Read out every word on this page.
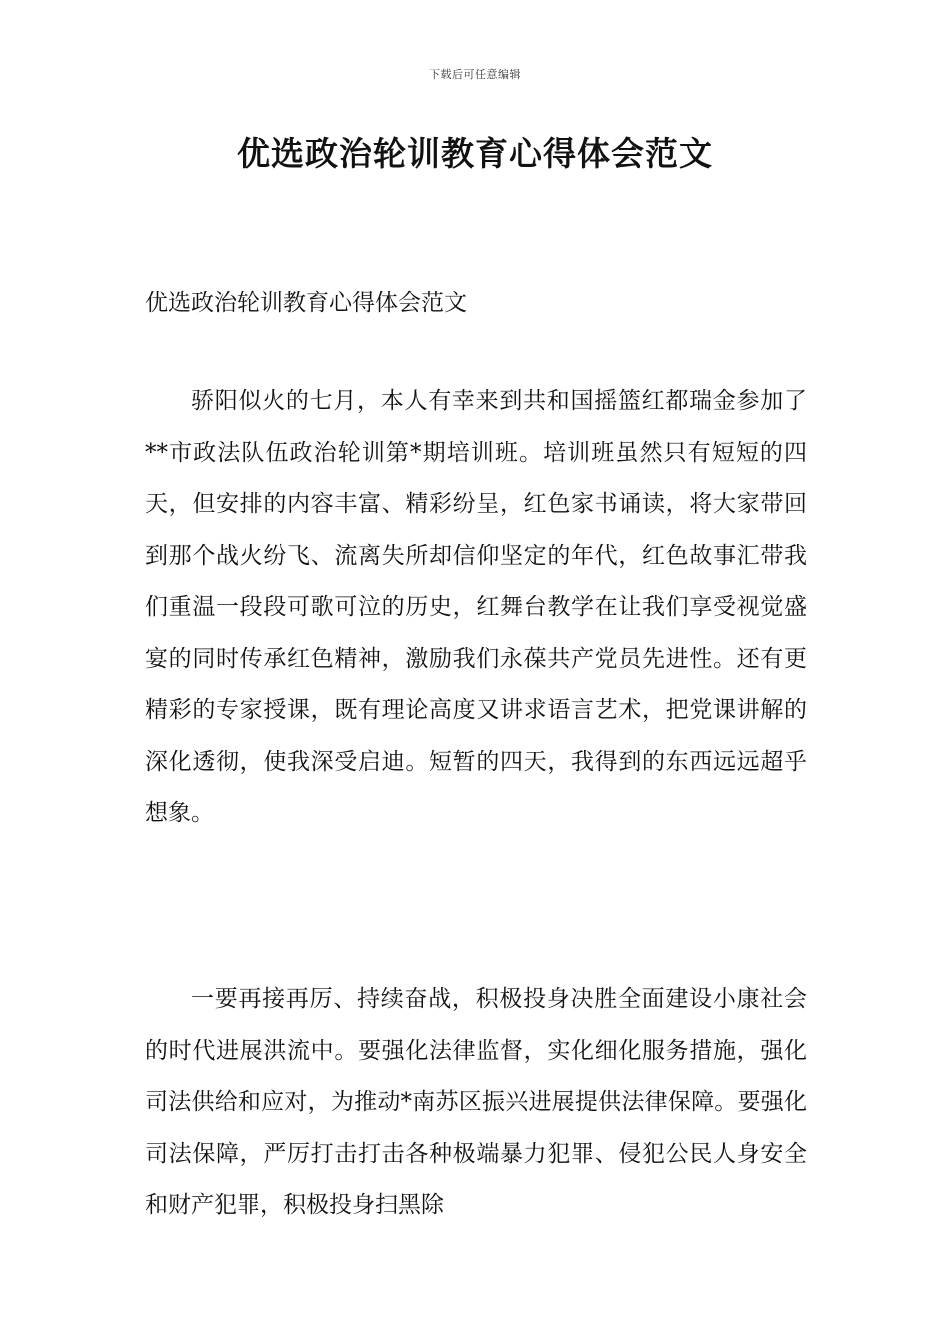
下载后可任意编辑
优选政治轮训教育心得体会范文
优选政治轮训教育心得体会范文

骄阳似火的七月，本人有幸来到共和国摇篮红都瑞金参加了**市政法队伍政治轮训第*期培训班。培训班虽然只有短短的四天，但安排的内容丰富、精彩纷呈，红色家书诵读，将大家带回到那个战火纷飞、流离失所却信仰坚定的年代，红色故事汇带我们重温一段段可歌可泣的历史，红舞台教学在让我们享受视觉盛宴的同时传承红色精神，激励我们永葆共产党员先进性。还有更精彩的专家授课，既有理论高度又讲求语言艺术，把党课讲解的深化透彻，使我深受启迪。短暂的四天，我得到的东西远远超乎想象。

一要再接再厉、持续奋战，积极投身决胜全面建设小康社会的时代进展洪流中。要强化法律监督，实化细化服务措施，强化司法供给和应对，为推动*南苏区振兴进展提供法律保障。要强化司法保障，严厉打击打击各种极端暴力犯罪、侵犯公民人身安全和财产犯罪，积极投身扫黑除
